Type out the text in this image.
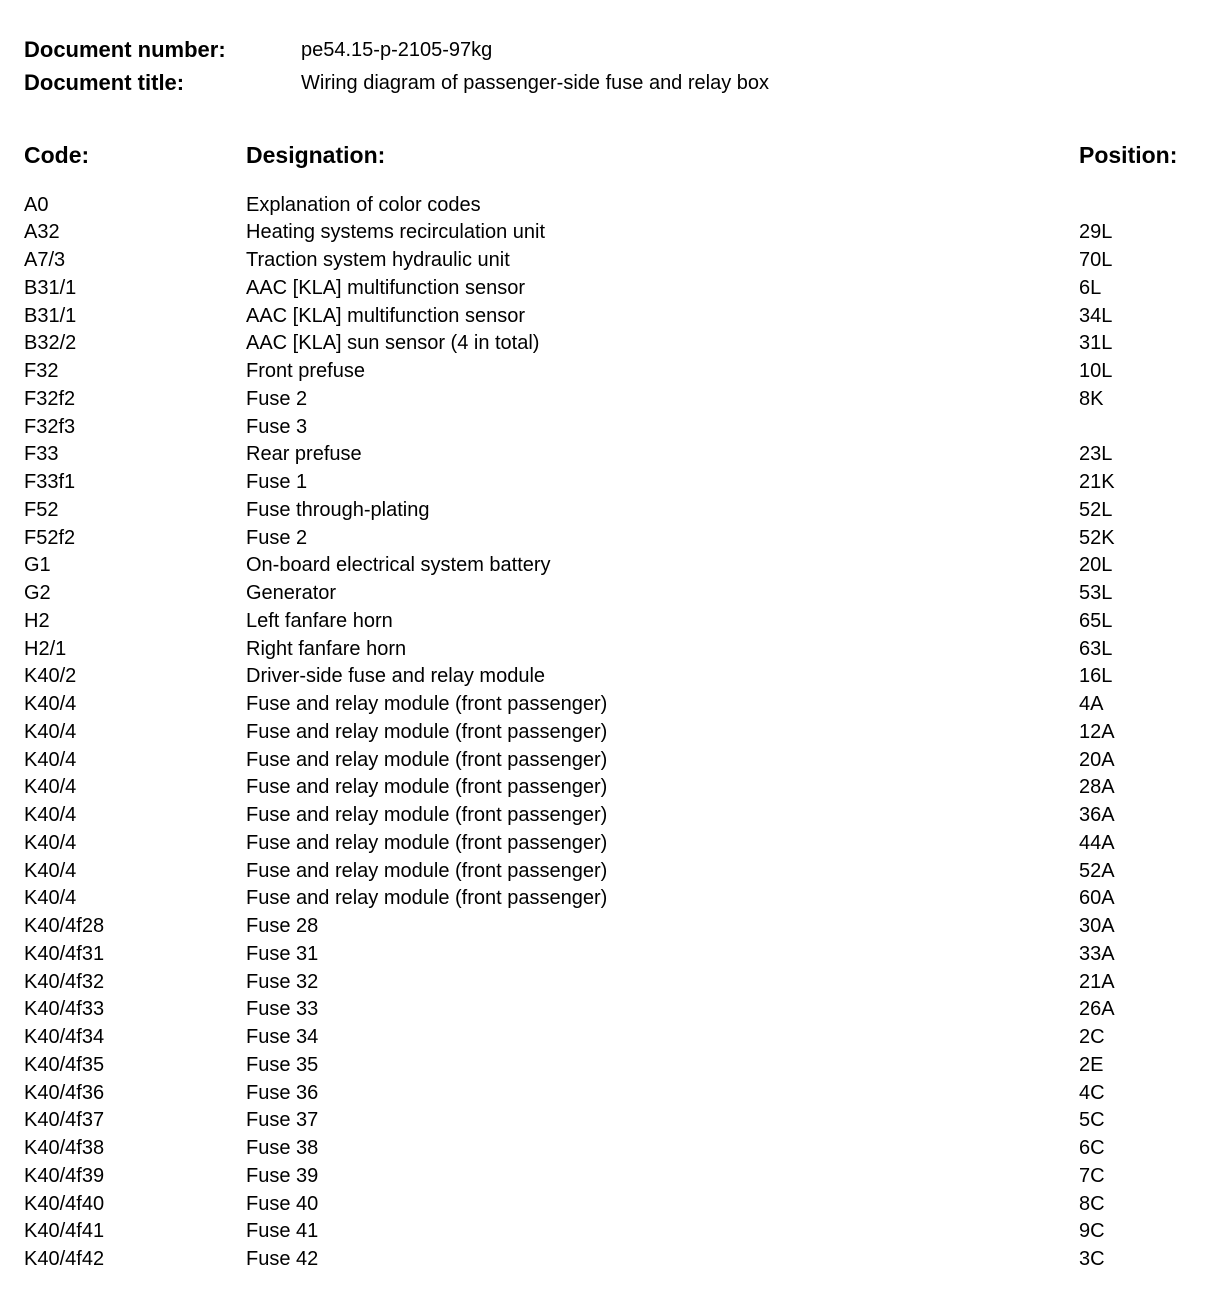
Document number:	pe54.15-p-2105-97kg
Document title:	Wiring diagram of passenger-side fuse and relay box
Code:	Designation:	Position:
A0	Explanation of color codes
A32	Heating systems recirculation unit	29L
A7/3	Traction system hydraulic unit	70L
B31/1	AAC [KLA] multifunction sensor	6L
B31/1	AAC [KLA] multifunction sensor	34L
B32/2	AAC [KLA] sun sensor (4 in total)	31L
F32	Front prefuse	10L
F32f2	Fuse 2	8K
F32f3	Fuse 3
F33	Rear prefuse	23L
F33f1	Fuse 1	21K
F52	Fuse through-plating	52L
F52f2	Fuse 2	52K
G1	On-board electrical system battery	20L
G2	Generator	53L
H2	Left fanfare horn	65L
H2/1	Right fanfare horn	63L
K40/2	Driver-side fuse and relay module	16L
K40/4	Fuse and relay module (front passenger)	4A
K40/4	Fuse and relay module (front passenger)	12A
K40/4	Fuse and relay module (front passenger)	20A
K40/4	Fuse and relay module (front passenger)	28A
K40/4	Fuse and relay module (front passenger)	36A
K40/4	Fuse and relay module (front passenger)	44A
K40/4	Fuse and relay module (front passenger)	52A
K40/4	Fuse and relay module (front passenger)	60A
K40/4f28	Fuse 28	30A
K40/4f31	Fuse 31	33A
K40/4f32	Fuse 32	21A
K40/4f33	Fuse 33	26A
K40/4f34	Fuse 34	2C
K40/4f35	Fuse 35	2E
K40/4f36	Fuse 36	4C
K40/4f37	Fuse 37	5C
K40/4f38	Fuse 38	6C
K40/4f39	Fuse 39	7C
K40/4f40	Fuse 40	8C
K40/4f41	Fuse 41	9C
K40/4f42	Fuse 42	3C
